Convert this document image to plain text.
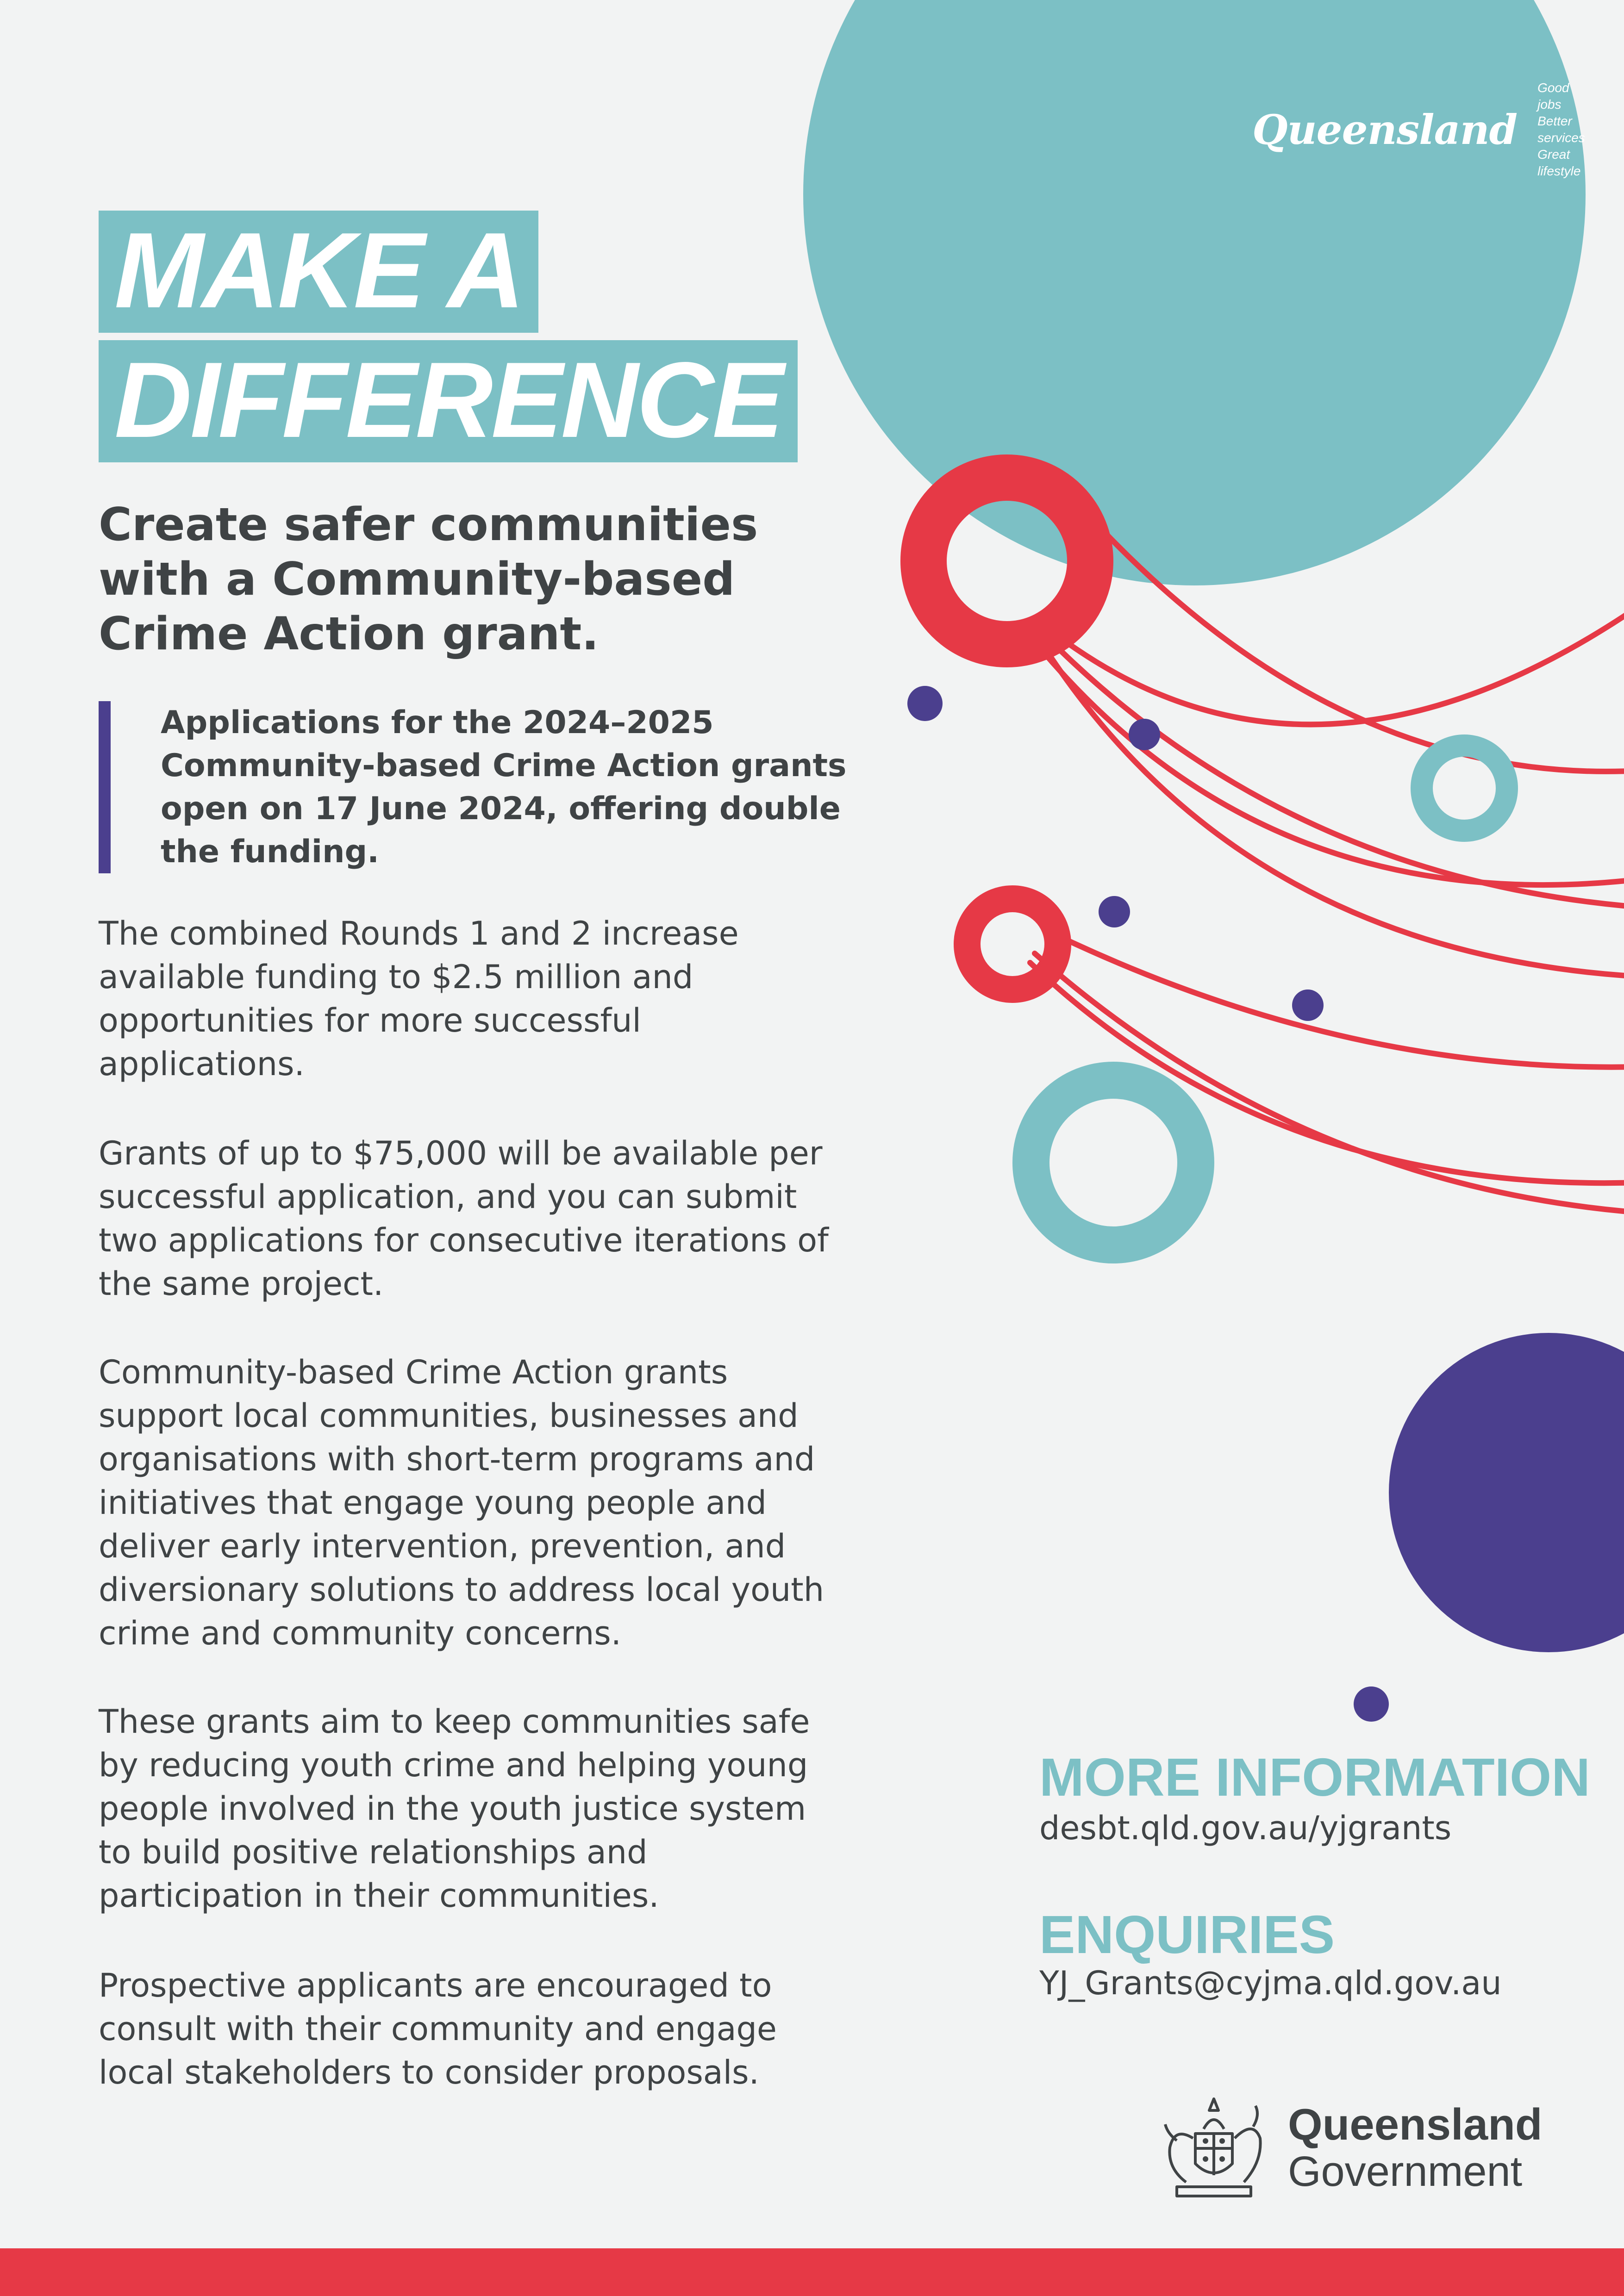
Queensland
Good jobs
Better services
Great lifestyle
MAKE A
DIFFERENCE
Create safer communities with a Community-based Crime Action grant.
Applications for the 2024–2025 Community-based Crime Action grants open on 17 June 2024, offering double the funding.
The combined Rounds 1 and 2 increase available funding to $2.5 million and opportunities for more successful applications.
Grants of up to $75,000 will be available per successful application, and you can submit two applications for consecutive iterations of the same project.
Community-based Crime Action grants support local communities, businesses and organisations with short-term programs and initiatives that engage young people and deliver early intervention, prevention, and diversionary solutions to address local youth crime and community concerns.
These grants aim to keep communities safe by reducing youth crime and helping young people involved in the youth justice system to build positive relationships and participation in their communities.
Prospective applicants are encouraged to consult with their community and engage local stakeholders to consider proposals.
MORE INFORMATION
desbt.qld.gov.au/yjgrants
ENQUIRIES
YJ_Grants@cyjma.qld.gov.au
Queensland
Government
